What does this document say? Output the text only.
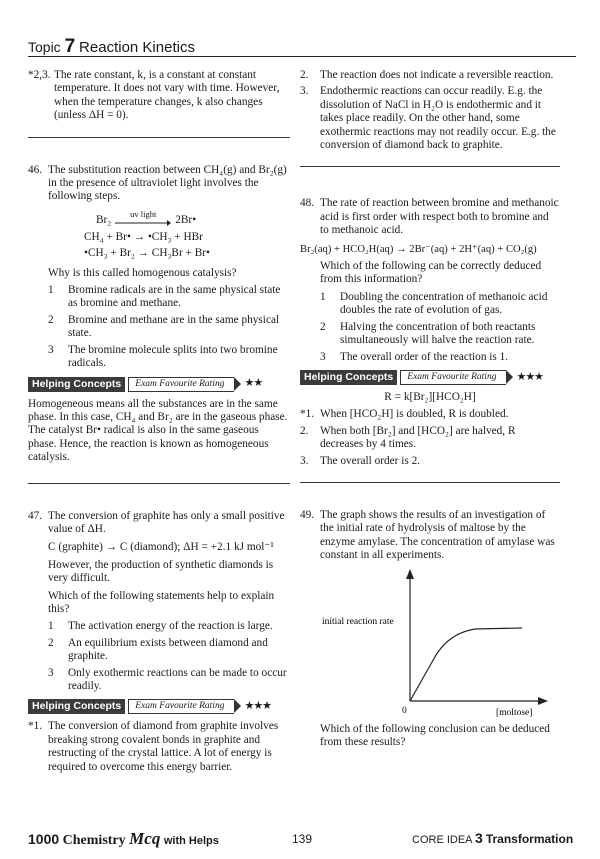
Topic 7 Reaction Kinetics
*2,3. The rate constant, k, is a constant at constant temperature. It does not vary with time. However, when the temperature changes, k also changes (unless ΔH = 0).
46. The substitution reaction between CH₄(g) and Br₂(g) in the presence of ultraviolet light involves the following steps.
Br₂
uv light

2Br•
CH₄ + Br• → •CH₃ + HBr
•CH₃ + Br₂ → CH₃Br + Br•

Why is this called homogenous catalysis?

1	Bromine radicals are in the same physical state as bromine and methane.
2	Bromine and methane are in the same physical state.
3	The bromine molecule splits into two bromine radicals.
Helping Concepts	Exam Favourite Rating	★★

Homogeneous means all the substances are in the same phase. In this case, CH₄ and Br₂ are in the gaseous phase. The catalyst Br• radical is also in the same gaseous phase. Hence, the reaction is known as homogeneous catalysis.

47. The conversion of graphite has only a small positive value of ΔH.

C (graphite) → C (diamond); ΔH = +2.1 kJ mol⁻¹

However, the production of synthetic diamonds is very difficult.

Which of the following statements help to explain this?

1	The activation energy of the reaction is large.
2	An equilibrium exists between diamond and graphite.
3	Only exothermic reactions can be made to occur readily.
Helping Concepts	Exam Favourite Rating	★★★
*1. The conversion of diamond from graphite involves breaking strong covalent bonds in graphite and restructing of the crystal lattice. A lot of energy is required to overcome this energy barrier.
2.	The reaction does not indicate a reversible reaction.
3.	Endothermic reactions can occur readily. E.g. the dissolution of NaCl in H₂O is endothermic and it takes place readily. On the other hand, some exothermic reactions may not readily occur. E.g. the conversion of diamond back to graphite.
48. The rate of reaction between bromine and methanoic acid is first order with respect both to bromine and to methanoic acid.

Br₂(aq) + HCO₂H(aq) → 2Br⁻(aq) + 2H⁺(aq) + CO₂(g)

Which of the following can be correctly deduced from this information?

1	Doubling the concentration of methanoic acid doubles the rate of evolution of gas.
2	Halving the concentration of both reactants simultaneously will halve the reaction rate.
3	The overall order of the reaction is 1.
Helping Concepts	Exam Favourite Rating	★★★

R = k[Br₂][HCO₂H]

*1. When [HCO₂H] is doubled, R is doubled.
2.	When both [Br₂] and [HCO₂] are halved, R decreases by 4 times.
3.	The overall order is 2.
49. The graph shows the results of an investigation of the initial rate of hydrolysis of maltose by the enzyme amylase. The concentration of amylase was constant in all experiments.
initial reaction rate
0	[moltose]

Which of the following conclusion can be deduced from these results?

1000 Chemistry Mcq with Helps	139	CORE IDEA 3 Transformation
